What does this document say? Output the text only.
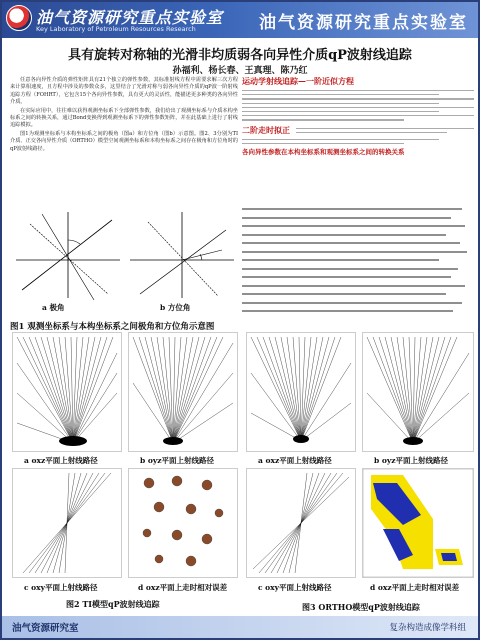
油气资源研究重点实验室
Key Laboratory of Petroleum Resources Research	油气资源研究重点实验室
具有旋转对称轴的光滑非均质弱各向异性介质qP波射线追踪
孙福利、杨长春、王真理、陈乃红

任意各向异性介质的弹性矩阵具有21个独立的弹性参数，其标准射线方程中需要求解三次方程来计算相速度，且方程中涉及的参数众多，这里结合了光滑对称与弱各向异性介质的qP波一阶射线追踪方程（FOHRT），它包含15个各向异性参数，具有更大的灵活性，能描述更多种类的各向异性介质。

在实际应用中，往往难以获得观测坐标系下全部弹性参数，我们给出了观测坐标系与介质本构坐标系之间的转换关系，通过Bond变换得到观测坐标系下的弹性参数矩阵，并在此基础上进行了射线追踪模拟。

图1为观测坐标系与本构坐标系之间的极角（图a）和方位角（图b）示意图。图2、3分别为TI介质、正交各向异性介质（ORTHO）模型空间观测坐标系和本构坐标系之间存在极角和方位角时的qP波射线路径。

a 极角	b 方位角
图1 观测坐标系与本构坐标系之间极角和方位角示意图
运动学射线追踪—一阶近似方程
二阶走时拟正
各向异性参数在本构坐标系和观测坐标系之间的转换关系
a oxz平面上射线路径	b oyz平面上射线路径
c oxy平面上射线路径	d oxz平面上走时相对误差
图2 TI模型qP波射线追踪
a oxz平面上射线路径	b oyz平面上射线路径
c oxy平面上射线路径	d oxz平面上走时相对误差
图3 ORTHO模型qP波射线追踪
油气资源研究室	复杂构造成像学科组
